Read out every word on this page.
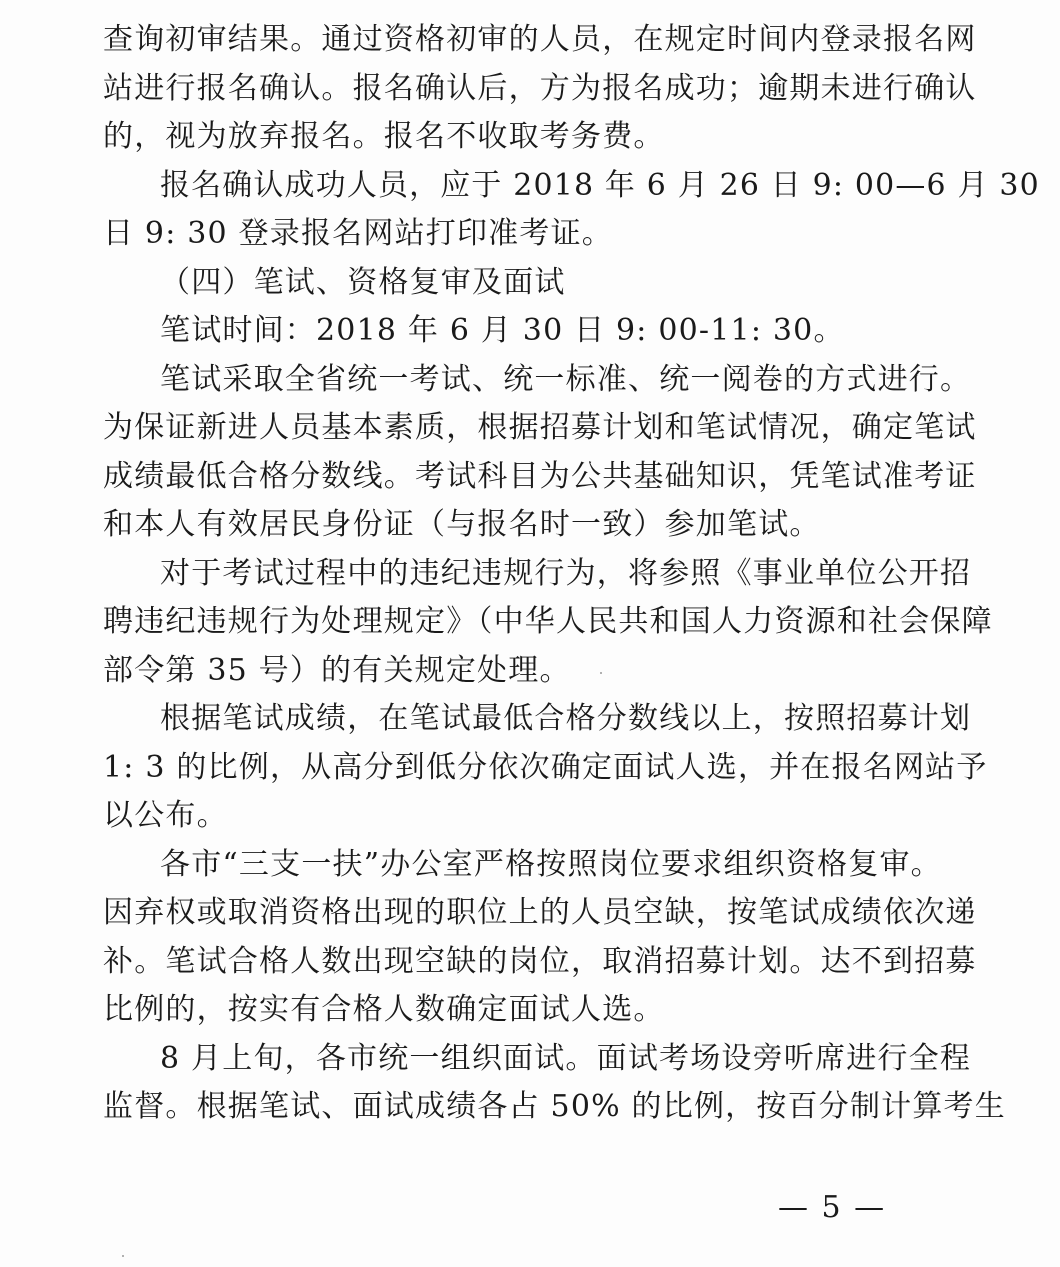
查询初审结果。通过资格初审的人员，在规定时间内登录报名网
站进行报名确认。报名确认后，方为报名成功；逾期未进行确认
的，视为放弃报名。报名不收取考务费。
报名确认成功人员，应于 2018 年 6 月 26 日 9: 00—6 月 30
日 9: 30 登录报名网站打印准考证。
（四）笔试、资格复审及面试
笔试时间：2018 年 6 月 30 日 9: 00-11: 30。
笔试采取全省统一考试、统一标准、统一阅卷的方式进行。
为保证新进人员基本素质，根据招募计划和笔试情况，确定笔试
成绩最低合格分数线。考试科目为公共基础知识，凭笔试准考证
和本人有效居民身份证（与报名时一致）参加笔试。
对于考试过程中的违纪违规行为，将参照《事业单位公开招
聘违纪违规行为处理规定》（中华人民共和国人力资源和社会保障
部令第 35 号）的有关规定处理。
根据笔试成绩，在笔试最低合格分数线以上，按照招募计划
1: 3 的比例，从高分到低分依次确定面试人选，并在报名网站予
以公布。
各市“三支一扶”办公室严格按照岗位要求组织资格复审。
因弃权或取消资格出现的职位上的人员空缺，按笔试成绩依次递
补。笔试合格人数出现空缺的岗位，取消招募计划。达不到招募
比例的，按实有合格人数确定面试人选。
8 月上旬，各市统一组织面试。面试考场设旁听席进行全程
监督。根据笔试、面试成绩各占 50% 的比例，按百分制计算考生
— 5 —
